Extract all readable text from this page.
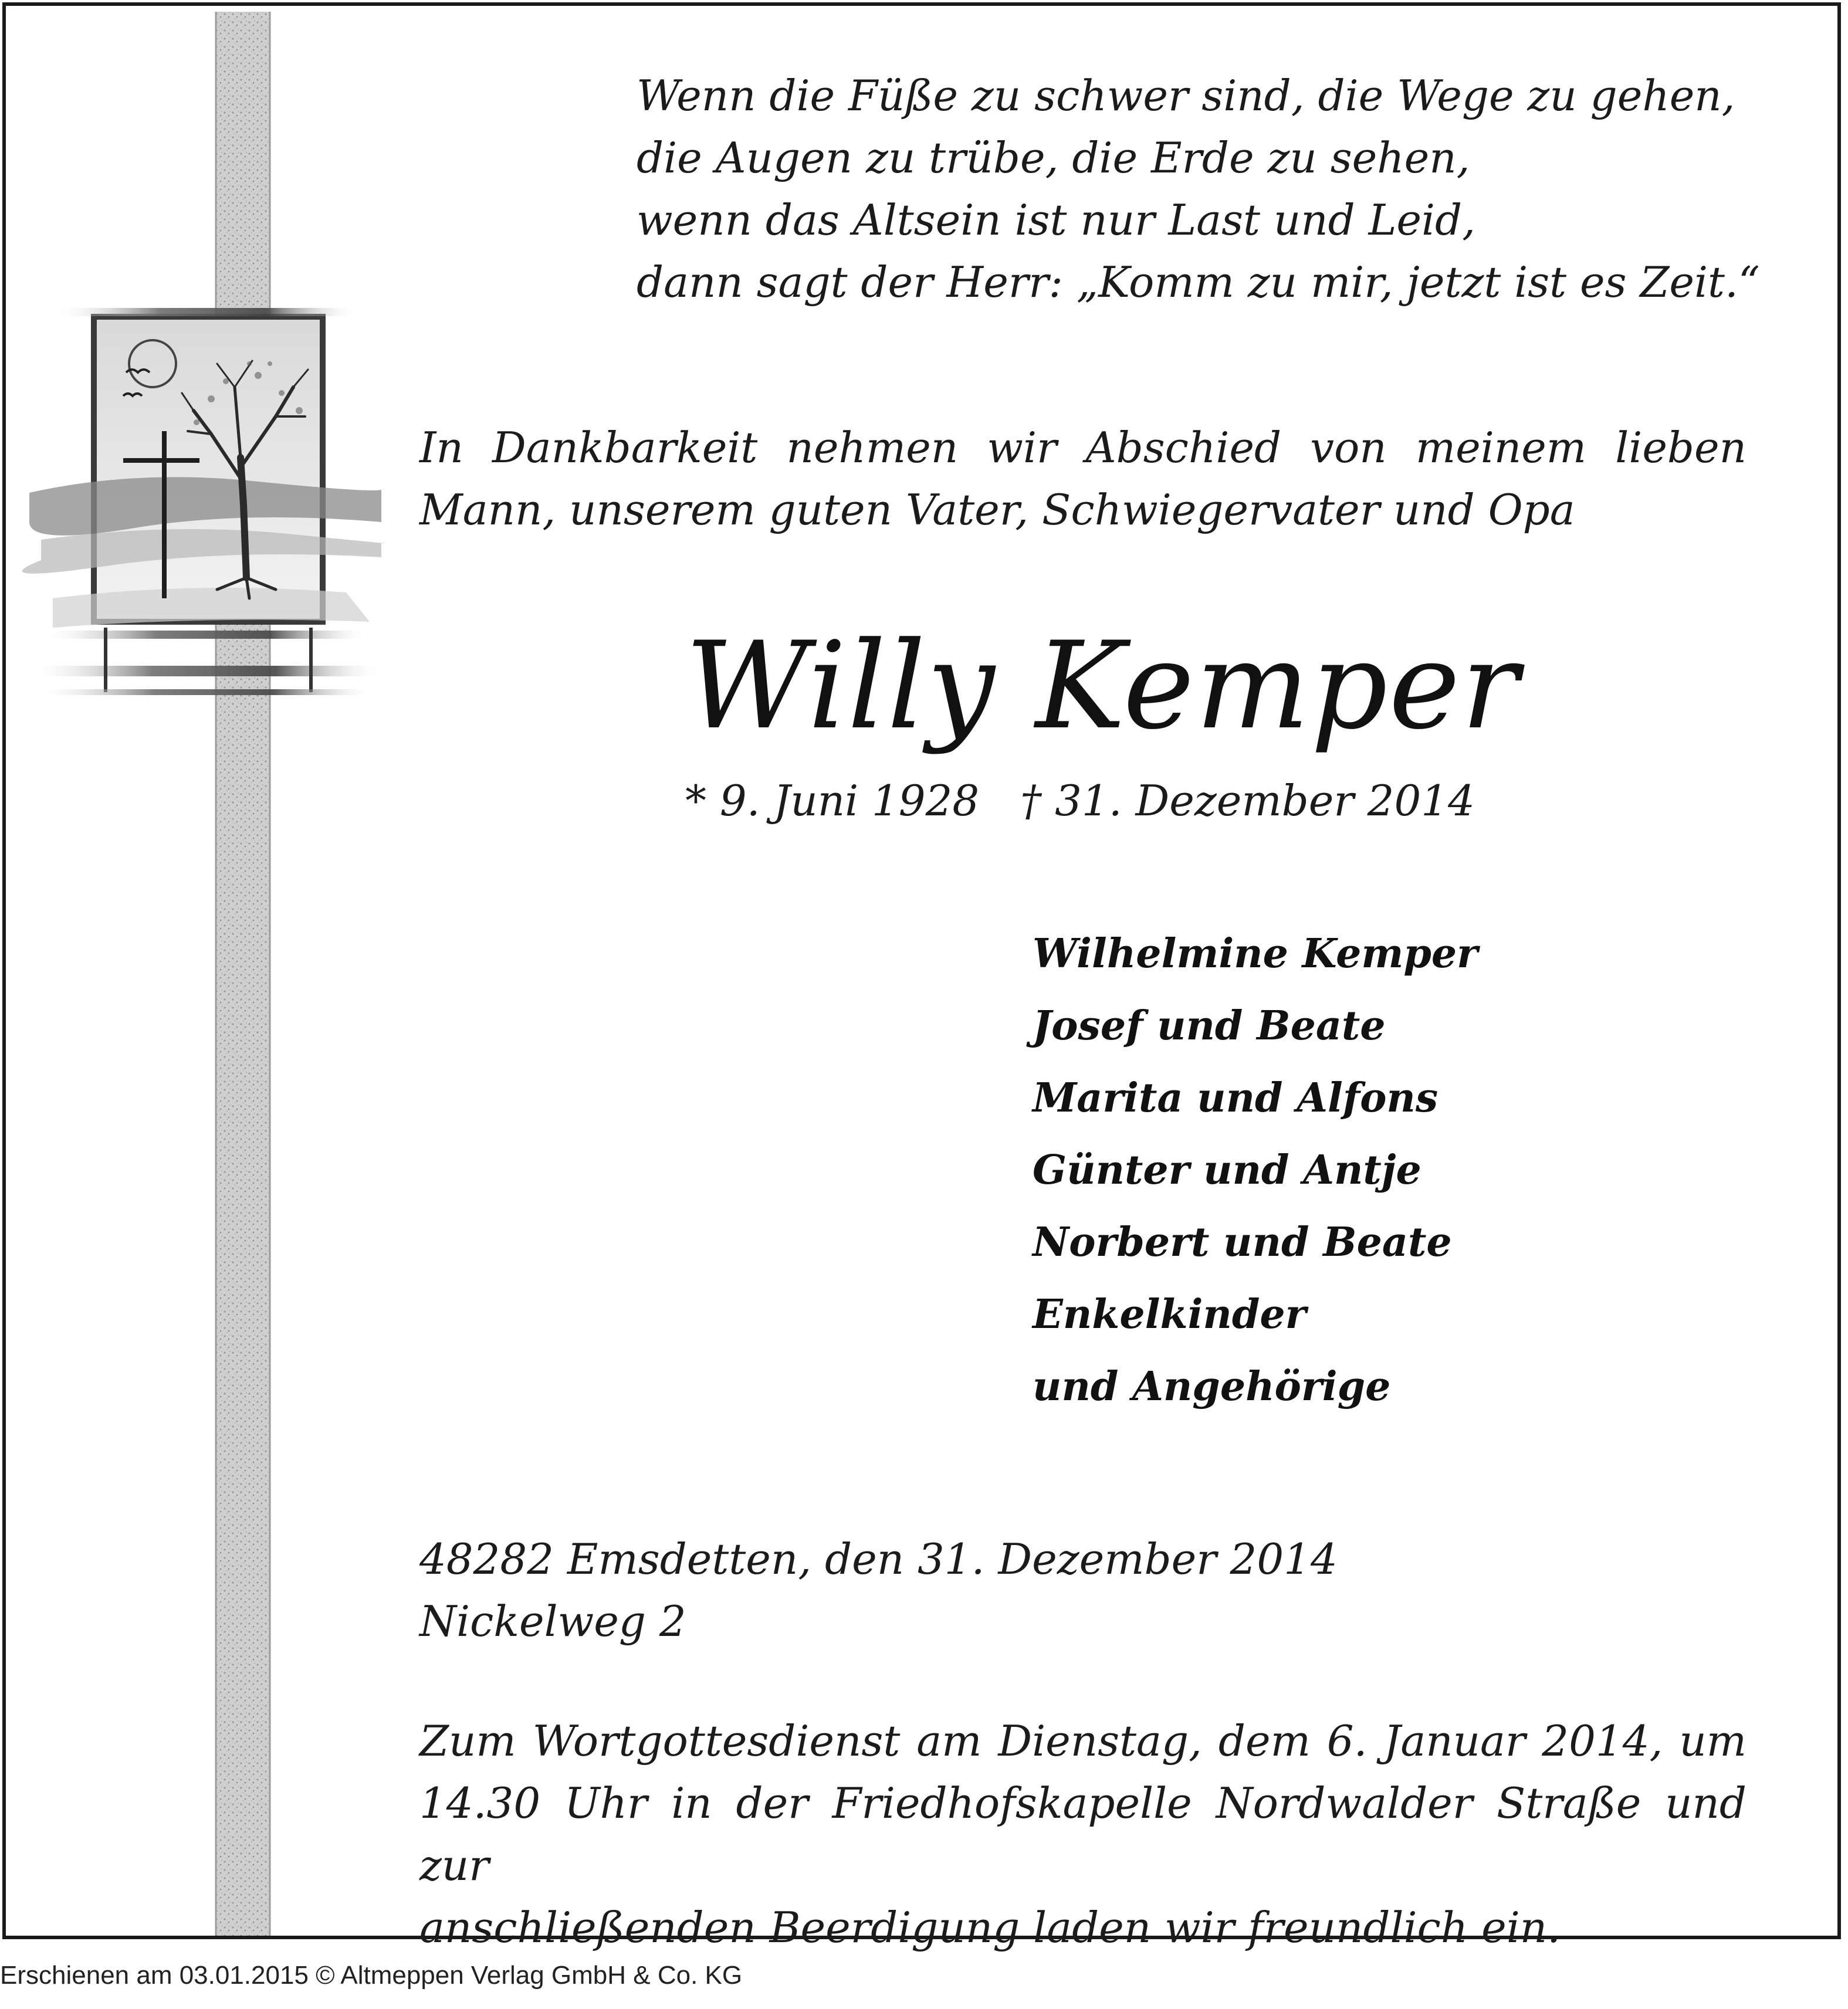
Wenn die Füße zu schwer sind, die Wege zu gehen,
die Augen zu trübe, die Erde zu sehen,
wenn das Altsein ist nur Last und Leid,
dann sagt der Herr: „Komm zu mir, jetzt ist es Zeit.“
In Dankbarkeit nehmen wir Abschied von meinem lieben
Mann, unserem guten Vater, Schwiegervater und Opa
Willy Kemper
* 9. Juni 1928 † 31. Dezember 2014
Wilhelmine Kemper
Josef und Beate
Marita und Alfons
Günter und Antje
Norbert und Beate
Enkelkinder
und Angehörige
48282 Emsdetten, den 31. Dezember 2014
Nickelweg 2
Zum Wortgottesdienst am Dienstag, dem 6. Januar 2014, um
14.30 Uhr in der Friedhofskapelle Nordwalder Straße und zur
anschließenden Beerdigung laden wir freundlich ein.
Erschienen am 03.01.2015 © Altmeppen Verlag GmbH & Co. KG
